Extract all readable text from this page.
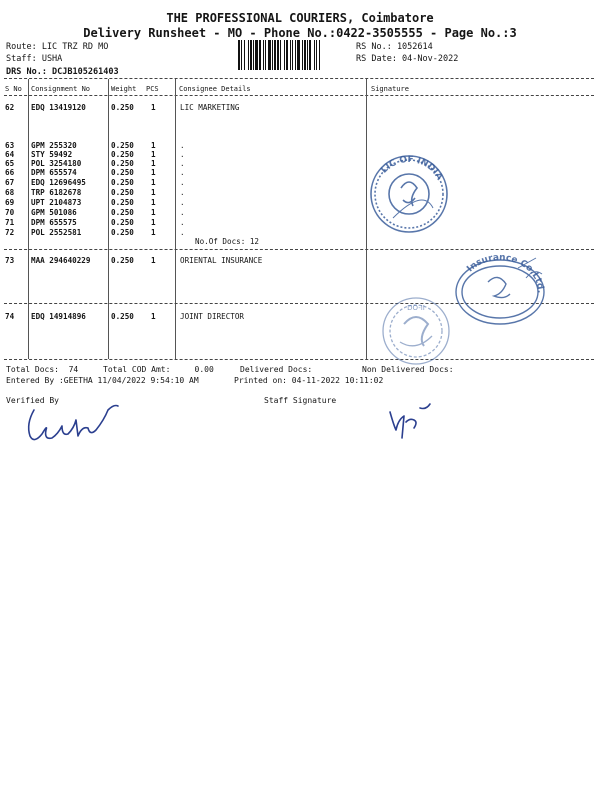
THE PROFESSIONAL COURIERS, Coimbatore
Delivery Runsheet - MO - Phone No.:0422-3505555 - Page No.:3
Route: LIC TRZ RD MO
Staff: USHA
DRS No.: DCJB105261403
RS No.: 1052614
RS Date: 04-Nov-2022
S No Consignment No	Weight PCS	Consignee Details	Signature
62 EDQ 13419120	0.250 1	LIC MARKETING
63 GPM 255320	0.250 1	.
64 STY 59492	0.250 1	.
65 POL 3254180	0.250 1	.
66 DPM 655574	0.250 1	.
67 EDQ 12696495	0.250 1	.
68 TRP 6182678	0.250 1	.
69 UPT 2104873	0.250 1	.
70 GPM 501086	0.250 1	.
71 DPM 655575	0.250 1	.
72 POL 2552581	0.250 1	.
No.Of Docs: 12
73 MAA 294640229	0.250 1	ORIENTAL INSURANCE
74 EDQ 14914896	0.250 1	JOINT DIRECTOR
Total Docs:  74	Total COD Amt:     0.00	Delivered Docs:	Non Delivered Docs:
Entered By :GEETHA 11/04/2022 9:54:10 AM	Printed on: 04-11-2022 10:11:02
Verified By	Staff Signature
LIC OF INDIA
Insurance Co.Ltd.
DO-II
